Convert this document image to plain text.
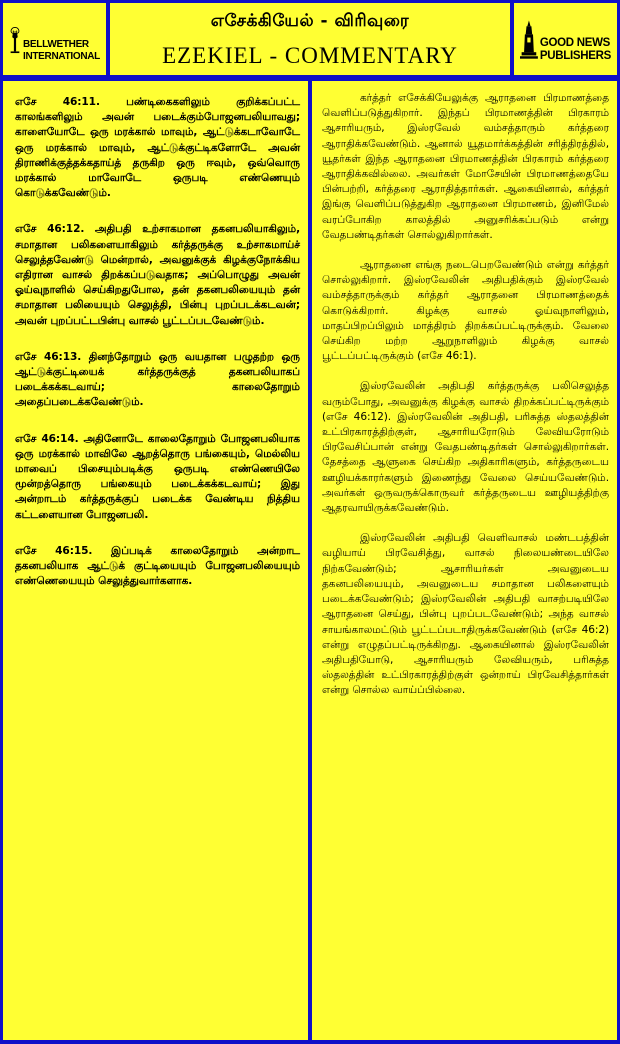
BELLWETHER
INTERNATIONAL
எசேக்கியேல் - விரிவுரை
EZEKIEL - COMMENTARY	GOOD NEWS
PUBLISHERS

எசே 46:11. பண்டிகைகளிலும் குறிக்கப்பட்ட காலங்களிலும் அவன் படைக்கும்போஜனபலியாவது; காளையோடே ஒரு மரக்கால் மாவும், ஆட்டுக்கடாவோடே ஒரு மரக்கால் மாவும், ஆட்டுக்குட்டிகளோடே அவன் திராணிக்குத்தக்கதாய்த் தருகிற ஒரு ஈவும், ஒவ்வொரு மரக்கால் மாவோடே ஒருபடி எண்ணெயும் கொடுக்கவேண்டும்.

எசே 46:12. அதிபதி உற்சாகமான தகனபலியாகிலும், சமாதான பலிகளையாகிலும் கர்த்தருக்கு உற்சாகமாய்ச் செலுத்தவேண்டு மென்றால், அவனுக்குக் கிழக்குநோக்கிய எதிரான வாசல் திறக்கப்படுவதாக; அப்பொழுது அவன் ஓய்வுநாளில் செய்கிறதுபோல, தன் தகனபலியையும் தன் சமாதான பலியையும் செலுத்தி, பின்பு புறப்படக்கடவன்; அவன் புறப்பட்டபின்பு வாசல் பூட்டப்படவேண்டும்.

எசே 46:13. தினந்தோறும் ஒரு வயதான பழுதற்ற ஒரு ஆட்டுக்குட்டியைக் கர்த்தருக்குத் தகனபலியாகப் படைக்கக்கடவாய்; காலைதோறும் அதைப்படைக்கவேண்டும்.

எசே 46:14. அதினோடே காலைதோறும் போஜனபலியாக ஒரு மரக்கால் மாவிலே ஆறத்தொரு பங்கையும், மெல்லிய மாவைப் பிசையும்படிக்கு ஒருபடி எண்ணெயிலே மூன்றத்தொரு பங்கையும் படைக்கக்கடவாய்; இது அன்றாடம் கர்த்தருக்குப் படைக்க வேண்டிய நித்திய கட்டளையான போஜனபலி.

எசே 46:15. இப்படிக் காலைதோறும் அன்றாட தகனபலியாக ஆட்டுக் குட்டியையும் போஜனபலியையும் எண்ணெயையும் செலுத்துவார்களாக.

கர்த்தர் எசேக்கியேலுக்கு ஆராதனை பிரமாணத்தை வெளிப்படுத்துகிறார். இந்தப் பிரமாணத்தின் பிரகாரம் ஆசாரியரும், இஸ்ரவேல் வம்சத்தாரும் கர்த்தரை ஆராதிக்கவேண்டும். ஆனால் யூதமார்க்கத்தின் சரித்திரத்தில், யூதர்கள் இந்த ஆராதனை பிரமாணத்தின் பிரகாரம் கர்த்தரை ஆராதிக்கவில்லை. அவர்கள் மோசேயின் பிரமாணத்தையே பின்பற்றி, கர்த்தரை ஆராதித்தார்கள். ஆகையினால், கர்த்தர் இங்கு வெளிப்படுத்துகிற ஆராதனை பிரமாணம், இனிமேல் வரப்போகிற காலத்தில் அனுசரிக்கப்படும் என்று வேதபண்டிதர்கள் சொல்லுகிறார்கள்.

ஆராதனை எங்கு நடைபெறவேண்டும் என்று கர்த்தர் சொல்லுகிறார். இஸ்ரவேலின் அதிபதிக்கும் இஸ்ரவேல் வம்சத்தாருக்கும் கர்த்தர் ஆராதனை பிரமாணத்தைக் கொடுக்கிறார். கிழக்கு வாசல் ஓய்வுநாளிலும், மாதப்பிறப்பிலும் மாத்திரம் திறக்கப்பட்டிருக்கும். வேலை செய்கிற மற்ற ஆறுநாளிலும் கிழக்கு வாசல் பூட்டப்பட்டிருக்கும் (எசே 46:1).

இஸ்ரவேலின் அதிபதி கர்த்தருக்கு பலிசெலுத்த வரும்போது, அவனுக்கு கிழக்கு வாசல் திறக்கப்பட்டிருக்கும் (எசே 46:12). இஸ்ரவேலின் அதிபதி, பரிசுத்த ஸ்தலத்தின் உட்பிரகாரத்திற்குள், ஆசாரியரோடும் லேவியரோடும் பிரவேசிப்பான் என்று வேதபண்டிதர்கள் சொல்லுகிறார்கள். தேசத்தை ஆளுகை செய்கிற அதிகாரிகளும், கர்த்தருடைய ஊழியக்காரர்களும் இணைந்து வேலை செய்யவேண்டும். அவர்கள் ஒருவருக்கொருவர் கர்த்தருடைய ஊழியத்திற்கு ஆதரவாயிருக்கவேண்டும்.

இஸ்ரவேலின் அதிபதி வெளிவாசல் மண்டபத்தின் வழியாய் பிரவேசித்து, வாசல் நிலையண்டையிலே நிற்கவேண்டும்; ஆசாரியர்கள் அவனுடைய தகனபலியையும், அவனுடைய சமாதான பலிகளையும் படைக்கவேண்டும்; இஸ்ரவேலின் அதிபதி வாசற்படியிலே ஆராதனை செய்து, பின்பு புறப்படவேண்டும்; அந்த வாசல் சாயங்காலமட்டும் பூட்டப்படாதிருக்கவேண்டும் (எசே 46:2) என்று எழுதப்பட்டிருக்கிறது. ஆகையினால் இஸ்ரவேலின் அதிபதியோடு, ஆசாரியரும் லேவியரும், பரிசுத்த ஸ்தலத்தின் உட்பிரகாரத்திற்குள் ஒன்றாய் பிரவேசித்தார்கள் என்று சொல்ல வாய்ப்பில்லை.
